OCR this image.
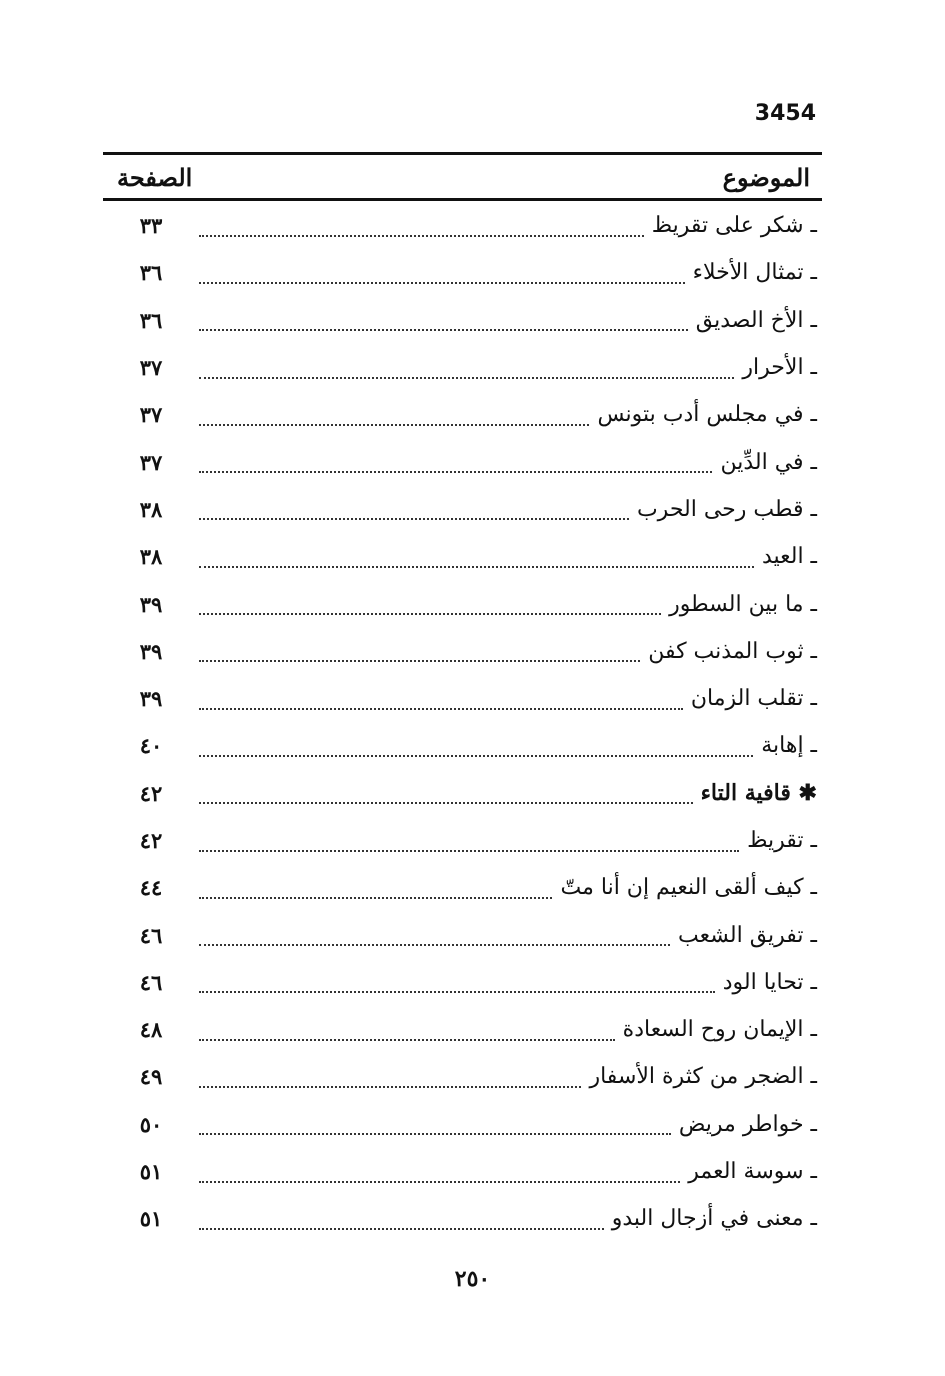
3454
الموضوع
الصفحة
ـ شكر على تقريظ
٣٣
ـ تمثال الأخلاء
٣٦
ـ الأخ الصديق
٣٦
ـ الأحرار
٣٧
ـ في مجلس أدب بتونس
٣٧
ـ في الدِّين
٣٧
ـ قطب رحى الحرب
٣٨
ـ العيد
٣٨
ـ ما بين السطور
٣٩
ـ ثوب المذنب كفن
٣٩
ـ تقلب الزمان
٣٩
ـ إهابة
٤٠
✱ قافية التاء
٤٢
ـ تقريظ
٤٢
ـ كيف ألقى النعيم إن أنا متّ
٤٤
ـ تفريق الشعب
٤٦
ـ تحايا الود
٤٦
ـ الإيمان روح السعادة
٤٨
ـ الضجر من كثرة الأسفار
٤٩
ـ خواطر مريض
٥٠
ـ سوسة العمر
٥١
ـ معنى في أزجال البدو
٥١
٢٥٠
